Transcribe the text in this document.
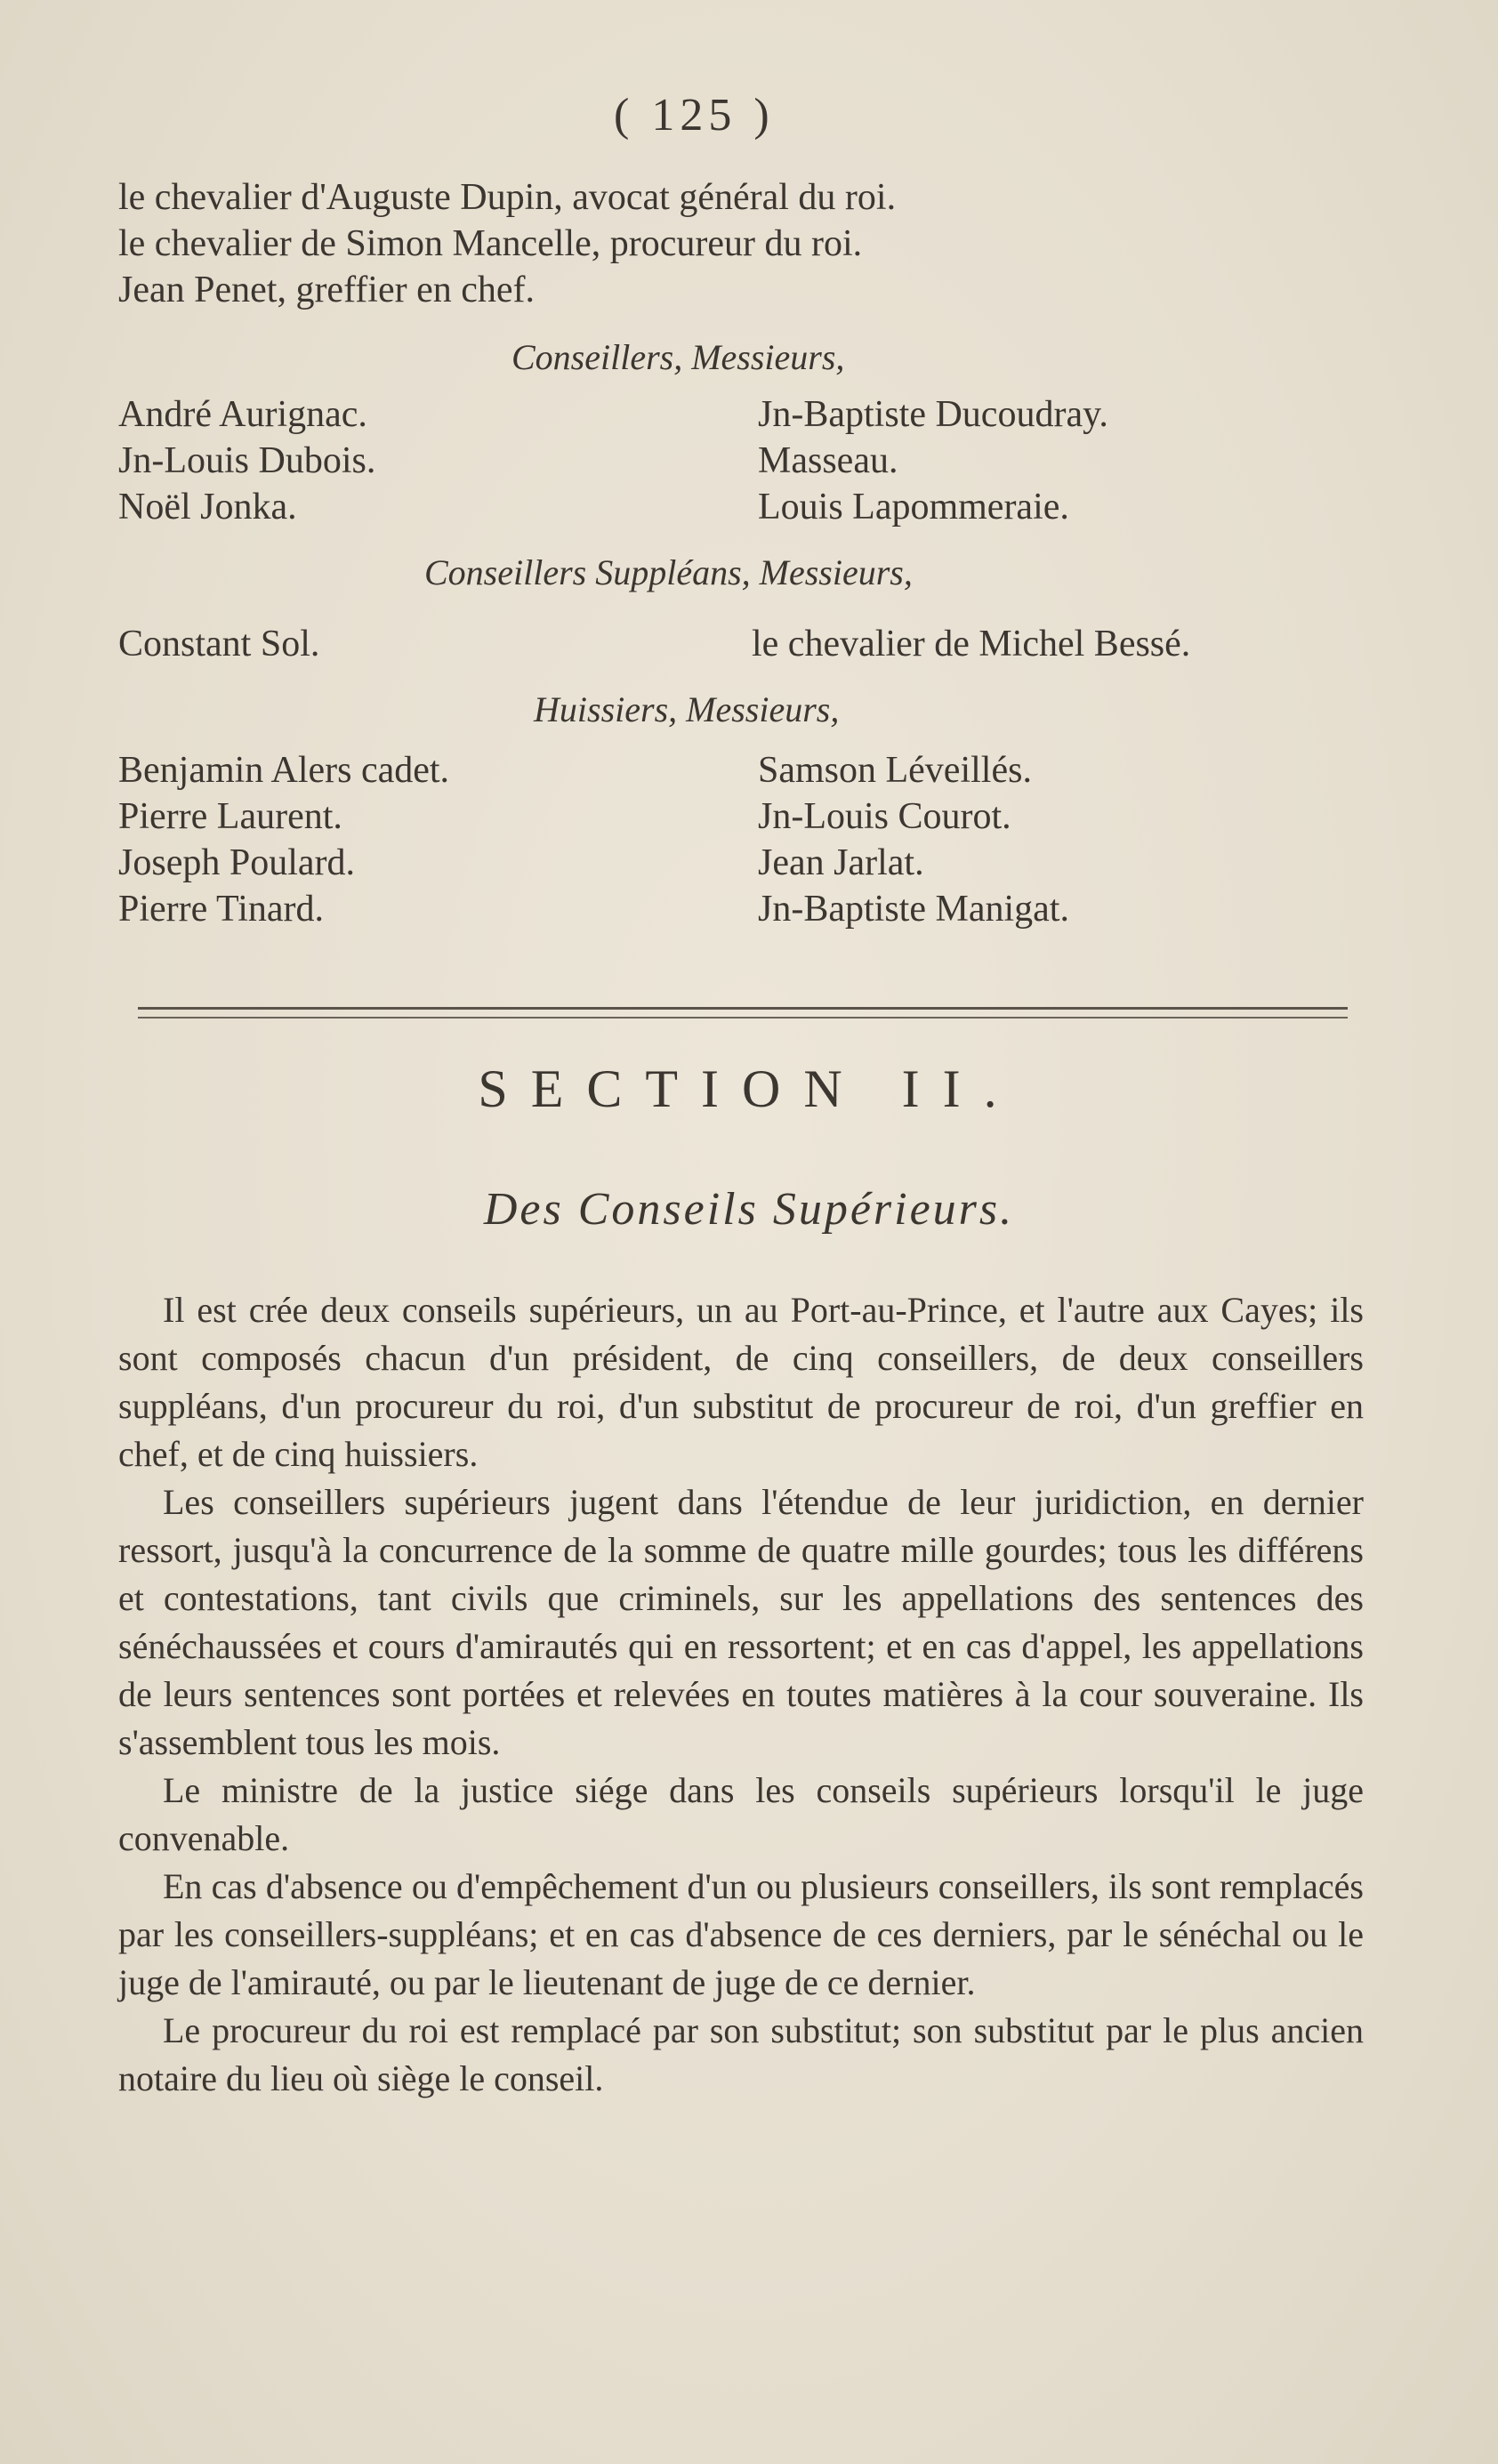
( 125 )
le chevalier d'Auguste Dupin, avocat général du roi.
le chevalier de Simon Mancelle, procureur du roi.
Jean Penet, greffier en chef.
Conseillers, Messieurs,
André Aurignac.
Jn-Louis Dubois.
Noël Jonka.
Jn-Baptiste Ducoudray.
Masseau.
Louis Lapommeraie.
Conseillers Suppléans, Messieurs,
Constant Sol.	le chevalier de Michel Bessé.
Huissiers, Messieurs,
Benjamin Alers cadet.
Pierre Laurent.
Joseph Poulard.
Pierre Tinard.
Samson Léveillés.
Jn-Louis Courot.
Jean Jarlat.
Jn-Baptiste Manigat.
SECTION II.
Des Conseils Supérieurs.

Il est crée deux conseils supérieurs, un au Port-au-Prince, et l'autre aux Cayes; ils sont composés chacun d'un président, de cinq conseillers, de deux conseillers suppléans, d'un procureur du roi, d'un substitut de procureur de roi, d'un greffier en chef, et de cinq huissiers.

Les conseillers supérieurs jugent dans l'étendue de leur juridiction, en dernier ressort, jusqu'à la concurrence de la somme de quatre mille gourdes; tous les différens et contestations, tant civils que criminels, sur les appellations des sentences des sénéchaussées et cours d'amirautés qui en ressortent; et en cas d'appel, les appellations de leurs sentences sont portées et relevées en toutes matières à la cour souveraine. Ils s'assemblent tous les mois.

Le ministre de la justice siége dans les conseils supérieurs lorsqu'il le juge convenable.

En cas d'absence ou d'empêchement d'un ou plusieurs conseillers, ils sont remplacés par les conseillers-suppléans; et en cas d'absence de ces derniers, par le sénéchal ou le juge de l'amirauté, ou par le lieutenant de juge de ce dernier.

Le procureur du roi est remplacé par son substitut; son substitut par le plus ancien notaire du lieu où siège le conseil.
